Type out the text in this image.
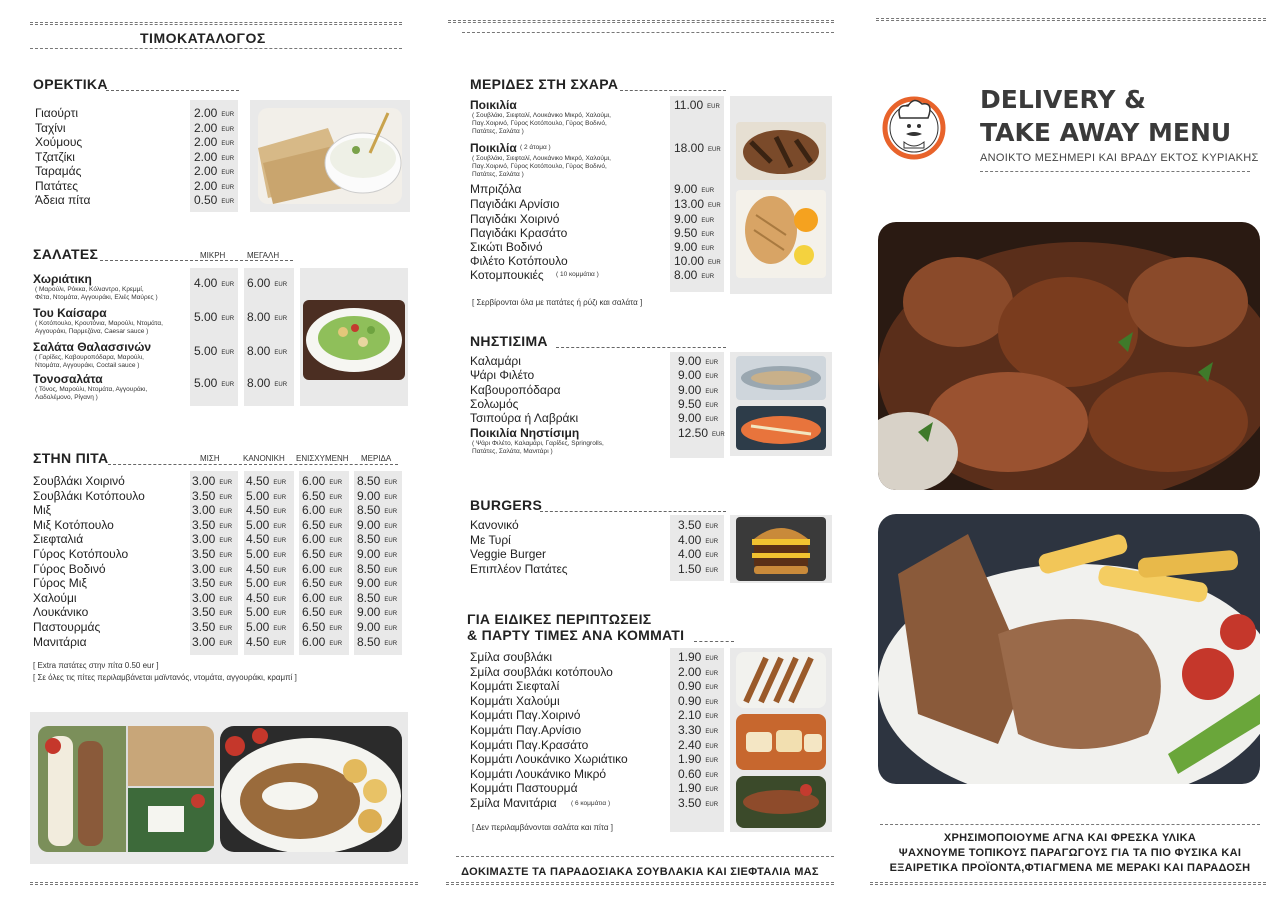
ΤΙΜΟΚΑΤΑΛΟΓΟΣ
ΟΡΕΚΤΙΚΑ
Γιαούρτι	2.00 EUR
Ταχίνι	2.00 EUR
Χούμους	2.00 EUR
Τζατζίκι	2.00 EUR
Ταραμάς	2.00 EUR
Πατάτες	2.00 EUR
Άδεια πίτα	0.50 EUR
ΣΑΛΑΤΕΣ	ΜΙΚΡΗ	ΜΕΓΑΛΗ
Χωριάτικη
( Μαρούλι, Ρόκκα, Κόλιαντρο, Κρεμμί,
Φέτα, Ντομάτα, Αγγουράκι, Ελιές Μαύρες )
4.00 EUR 6.00 EUR
Του Καίσαρα
( Κοτόπουλο, Κρουτόνια, Μαρούλι, Ντομάτα,
Αγγουράκι, Παρμεζάνα, Caesar sauce )
5.00 EUR 8.00 EUR
Σαλάτα Θαλασσινών
( Γαρίδες, Καβουροπόδαρα, Μαρούλι,
Ντομάτα, Αγγουράκι, Coctail sauce )
5.00 EUR 8.00 EUR
Τονοσαλάτα
( Τόνος, Μαρούλι, Ντομάτα, Αγγουράκι,
Λαδολέμονο, Ρίγανη )
5.00 EUR 8.00 EUR
ΣΤΗΝ ΠΙΤΑ	ΜΙΣΗ	ΚΑΝΟΝΙΚΗ ΕΝΙΣΧΥΜΕΝΗ ΜΕΡΙΔΑ
Σουβλάκι Χοιρινό	3.00 EUR 4.50 EUR 6.00 EUR 8.50 EUR
Σουβλάκι Κοτόπουλο	3.50 EUR 5.00 EUR 6.50 EUR 9.00 EUR
Μιξ	3.00 EUR 4.50 EUR 6.00 EUR 8.50 EUR
Μιξ Κοτόπουλο	3.50 EUR 5.00 EUR 6.50 EUR 9.00 EUR
Σιεφταλιά	3.00 EUR 4.50 EUR 6.00 EUR 8.50 EUR
Γύρος Κοτόπουλο	3.50 EUR 5.00 EUR 6.50 EUR 9.00 EUR
Γύρος Βοδινό	3.00 EUR 4.50 EUR 6.00 EUR 8.50 EUR
Γύρος Μιξ	3.50 EUR 5.00 EUR 6.50 EUR 9.00 EUR
Χαλούμι	3.00 EUR 4.50 EUR 6.00 EUR 8.50 EUR
Λουκάνικο	3.50 EUR 5.00 EUR 6.50 EUR 9.00 EUR
Παστουρμάς	3.50 EUR 5.00 EUR 6.50 EUR 9.00 EUR
Μανιτάρια	3.00 EUR 4.50 EUR 6.00 EUR 8.50 EUR
[ Extra πατάτες στην πίτα 0.50 eur ]
[ Σε όλες τις πίτες περιλαμβάνεται μαϊντανός, ντομάτα, αγγουράκι, κραμπί ]
ΜΕΡΙΔΕΣ ΣΤΗ ΣΧΑΡΑ
Ποικιλία
( Σουβλάκι, Σιεφταλί, Λουκάνικο Μικρό, Χαλούμι,
Παγ.Χοιρινό, Γύρος Κοτόπουλο, Γύρος Βοδινό,
Πατάτες, Σαλάτα )
11.00 EUR
Ποικιλία ( 2 άτομα )
( Σουβλάκι, Σιεφταλί, Λουκάνικο Μικρό, Χαλούμι,
Παγ.Χοιρινό, Γύρος Κοτόπουλο, Γύρος Βοδινό,
Πατάτες, Σαλάτα )
18.00 EUR
Μπριζόλα	9.00 EUR
Παγιδάκι Αρνίσιο	13.00 EUR
Παγιδάκι Χοιρινό	9.00 EUR
Παγιδάκι Κρασάτο	9.50 EUR
Σικώτι Βοδινό	9.00 EUR
Φιλέτο Κοτόπουλο	10.00 EUR
Κοτομπουκιές ( 10 κομμάτια )	8.00 EUR
[ Σερβίρονται όλα με πατάτες ή ρύζι και σαλάτα ]
ΝΗΣΤΙΣΙΜΑ
Καλαμάρι	9.00 EUR
Ψάρι Φιλέτο	9.00 EUR
Καβουροπόδαρα	9.00 EUR
Σολωμός	9.50 EUR
Τσιπούρα ή Λαβράκι	9.00 EUR
Ποικιλία Νηστίσιμη
( Ψάρι Φιλέτο, Καλαμάρι, Γαρίδες, Springrolls,
Πατάτες, Σαλάτα, Μανιτάρι )
12.50 EUR
BURGERS
Κανονικό	3.50 EUR
Με Τυρί	4.00 EUR
Veggie Burger	4.00 EUR
Επιπλέον Πατάτες	1.50 EUR
ΓΙΑ ΕΙΔΙΚΕΣ ΠΕΡΙΠΤΩΣΕΙΣ
& ΠΑΡΤΥ ΤΙΜΕΣ ΑΝΑ ΚΟΜΜΑΤΙ
Σμίλα σουβλάκι	1.90 EUR
Σμίλα σουβλάκι κοτόπουλο	2.00 EUR
Κομμάτι Σιεφταλί	0.90 EUR
Κομμάτι Χαλούμι	0.90 EUR
Κομμάτι Παγ.Χοιρινό	2.10 EUR
Κομμάτι Παγ.Αρνίσιο	3.30 EUR
Κομμάτι Παγ.Κρασάτο	2.40 EUR
Κομμάτι Λουκάνικο Χωριάτικο	1.90 EUR
Κομμάτι Λουκάνικο Μικρό	0.60 EUR
Κομμάτι Παστουρμά	1.90 EUR
Σμίλα Μανιτάρια ( 6 κομμάτια )	3.50 EUR
[ Δεν περιλαμβάνονται σαλάτα και πίτα ]
ΔΟΚΙΜΑΣΤΕ ΤΑ ΠΑΡΑΔΟΣΙΑΚΑ ΣΟΥΒΛΑΚΙΑ ΚΑΙ ΣΙΕΦΤΑΛΙΑ ΜΑΣ
DELIVERY &
TAKE AWAY MENU
ΑΝΟΙΚΤΟ ΜΕΣΗΜΕΡΙ ΚΑΙ ΒΡΑΔΥ ΕΚΤΟΣ ΚΥΡΙΑΚΗΣ
ΧΡΗΣΙΜΟΠΟΙΟΥΜΕ ΑΓΝΑ ΚΑΙ ΦΡΕΣΚΑ ΥΛΙΚΑ
ΨΑΧΝΟΥΜΕ ΤΟΠΙΚΟΥΣ ΠΑΡΑΓΩΓΟΥΣ ΓΙΑ ΤΑ ΠΙΟ ΦΥΣΙΚΑ ΚΑΙ
ΕΞΑΙΡΕΤΙΚΑ ΠΡΟΪΟΝΤΑ,ΦΤΙΑΓΜΕΝΑ ΜΕ ΜΕΡΑΚΙ ΚΑΙ ΠΑΡΑΔΟΣΗ
